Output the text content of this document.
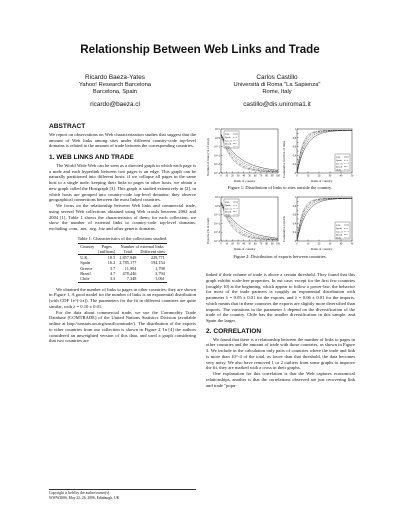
Relationship Between Web Links and Trade
Ricardo Baeza-Yates
Yahoo! Research Barcelona
Barcelona, Spain
ricardo@baeza.cl
Carlos Castillo
Università di Roma "La Sapienza"
Rome, Italy
castillo@dis.uniroma1.it
ABSTRACT

We report on observations on Web characterization studies that suggest that the amount of Web links among sites under different country-code top-level domains is related to the amount of trade between the corresponding countries.

1. WEB LINKS AND TRADE

The World Wide Web can be seen as a directed graph in which each page is a node and each hyperlink between two pages is an edge. This graph can be naturally partitioned into different hosts; if we collapse all pages in the same host to a single node, keeping their links to pages in other hosts, we obtain a new graph called the Hostgraph [3]. This graph is studied extensively in [2], in which hosts are grouped into country-code top-level domains; they observe geographical connections between the most linked countries.

We focus on the relationship between Web links and commercial trade, using several Web collections obtained using Web crawls between 2002 and 2004 [1]. Table 1 shows the characteristics of them; for each collection, we show the number of external links to country-code top-level domains, excluding .com, .net, .org, .biz and other generic domains.

Table 1: Characteristics of the collections studied.
Country	Pages	Number of external links	
	[millions]	Total	Different sites
U.K.	18.5	1,857,948	229,771
Spain	16.2	2,785,177	194,154
Greece	3.7	11,904	1,798
Brazil	4.7	478,446	3,794
Chile	3.3	7,348	1,061

We obtained the number of links to pages in other countries; they are shown in Figure 1. A good model for the number of links is an exponential distribution (with CDF 1e^(-λx)). The parameters for the fit in different countries are quite similar, with λ = 0.10 ± 0.01.

For the data about commercial trade, we use the Commodity Trade Database (COMTRADE) of the United Nations Statistics Division (available online at http://unstats.un.org/unsd/comtrade/). The distribution of the exports to other countries from our collection is shown in Figure 2. In [4] the authors considered an unweighted version of this data, and used a graph considering that two countries are

Copyright is held by the author/owner(s).
WWW2006, May 22–26, 2006, Edinburgh, UK
Number of links (% of total)
10^1
10^0
10^-1
10^-2
10^-3
10^-4
0 10 20 30 40 50 60 70 80 90 100
U.K.
Spain
Greece
Brazil
Chile
Rank of country
Cumulative fraction of links
1
0.8
0.6
0.4
0.2
0
0	10	20	30	40	50
U.K.
Spain
Greece
Brazil
Chile
Rank of country
Figure 1: Distribution of links to sites outside the country.
Exports (% of total)
10^1
10^0
10^-1
10^-2
10^-3
10^-4
0 10 20 30 40 50 60 70 80 90 100
U.K.
Spain
Greece
Brazil
Chile
Rank of country
Cumulative exports
1
0.8
0.6
0.4
0.2
0
0	10	20	30	40	50
U.K.
Spain
Greece
Brazil
Chile
Rank of country
Figure 2: Distribution of exports between countries.

linked if their volume of trade is above a certain threshold. They found that this graph exhibit scale-free properties. In our case; except for the first few countries (roughly 10) at the beginning, which appear to follow a power-law, the behavior for most of the trade partners is roughly an exponential distribution with parameter λ = 0.05 ± 0.01 for the exports, and λ = 0.06 ± 0.01 for the imports, which means that in these countries the exports are slightly more diversified than imports. The variations in the parameter λ depend on the diversification of the trade of the country. Chile has the smaller diversification in this sample, and Spain the larger.

2. CORRELATION

We found that there is a relationship between the number of links to pages in other countries and the amount of trade with those countries, as shown in Figure 3. We include in the calculation only pairs of countries where the trade and link is more than 10^-4 of the total, as lower than that threshold, the data becomes very noisy. We also have removed 1 or 2 outliers from some graphs to improve the fit, they are marked with a cross in their graphs.

One explanation for this correlation is that the Web captures economical relationships, another is that the correlations observed are just recovering link and trade "popu-
